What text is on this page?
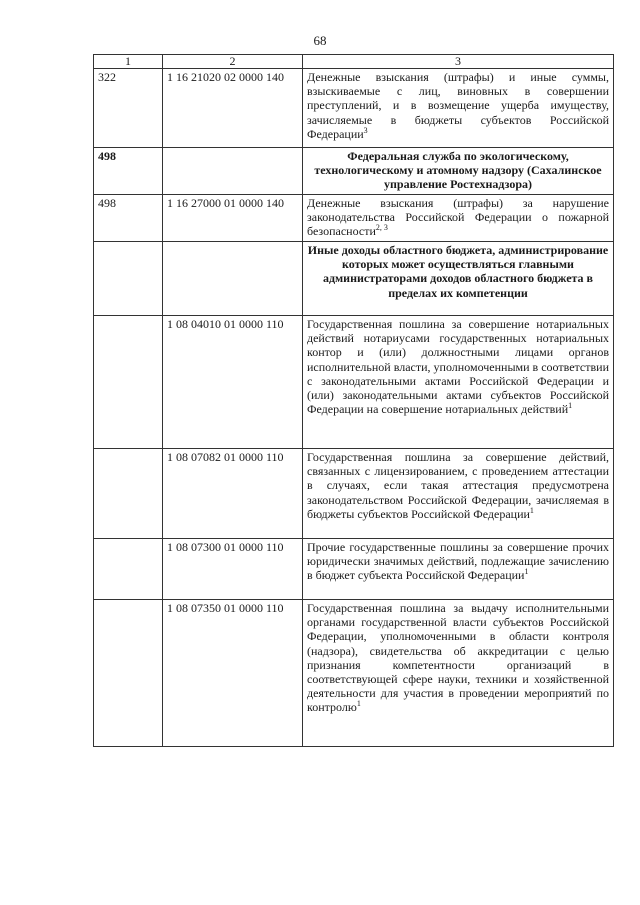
68
1	2	3
322	1 16 21020 02 0000 140	Денежные взыскания (штрафы) и иные суммы, взыскиваемые с лиц, виновных в совершении преступлений, и в возмещение ущерба имуществу, зачисляемые в бюджеты субъектов Российской Федерации$^3$
498		Федеральная служба по экологическому, технологическому и атомному надзору (Сахалинское управление Ростехнадзора)
498	1 16 27000 01 0000 140	Денежные взыскания (штрафы) за нарушение законодательства Российской Федерации о пожарной безопасности$^{2, 3}$
		Иные доходы областного бюджета, администрирование которых может осуществляться главными администраторами доходов областного бюджета в пределах их компетенции
	1 08 04010 01 0000 110	Государственная пошлина за совершение нотариальных действий нотариусами государственных нотариальных контор и (или) должностными лицами органов исполнительной власти, уполномоченными в соответствии с законодательными актами Российской Федерации и (или) законодательными актами субъектов Российской Федерации на совершение нотариальных действий$^1$
	1 08 07082 01 0000 110	Государственная пошлина за совершение действий, связанных с лицензированием, с проведением аттестации в случаях, если такая аттестация предусмотрена законодательством Российской Федерации, зачисляемая в бюджеты субъектов Российской Федерации$^1$
	1 08 07300 01 0000 110	Прочие государственные пошлины за совершение прочих юридически значимых действий, подлежащие зачислению в бюджет субъекта Российской Федерации$^1$
	1 08 07350 01 0000 110	Государственная пошлина за выдачу исполнительными органами государственной власти субъектов Российской Федерации, уполномоченными в области контроля (надзора), свидетельства об аккредитации с целью признания компетентности организаций в соответствующей сфере науки, техники и хозяйственной деятельности для участия в проведении мероприятий по контролю$^1$
